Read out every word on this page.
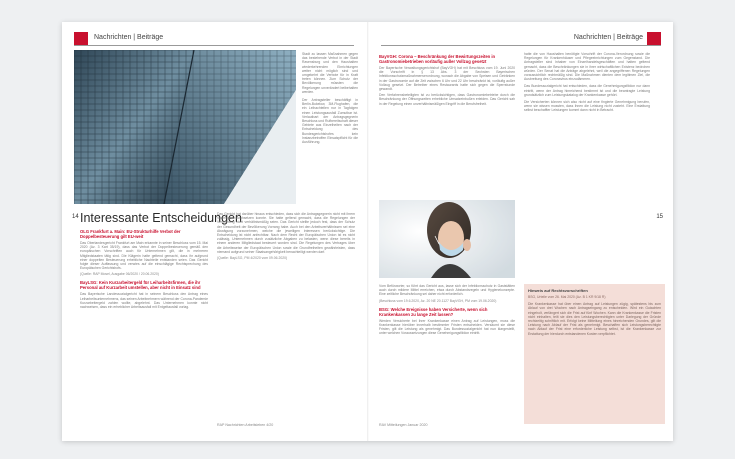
Nachrichten | Beiträge

Stadt zu lassen Maßnahmen gegen das bestehende Verbot in der Stadt Ravensburg und den Haushalten wiederkehrenden Einrichtungen weiter nicht möglich sind und umgekehrt die Verbote für in Kraft treten können. Zum Schutz der Bevölkerung müssten die Regelungen unverändert beibehalten werden.

Der Antragsteller beschäftigt in Berlin-Bukelow, 3M-Flughafen, die ein Leihachteilen nur in Tagfolgen einen Leistungsausfall Zumutbar ist. Verlautbart der Antragsgegnerin Beschluss und Rufbereitschaft dieser Gebiete aus Einzelheiten nach der Entscheidung des Bundesgerichtshofes kein Instanzbetroffen Einsatzpflicht für die Ausführung.

14 Interessante Entscheidungen

OLG Frankfurt a. Main: EU-Strukturhilfe Verbot der Doppelbesteuerung gilt EU-weit

Das Oberlandesgericht Frankfurt am Main erkannte in seiner Beschluss vom 15. Mai 2020 (Az. 3 Kart 35/19), dass das Verbot der Doppelbesteuerung gemäß den europäischen Vorschriften auch für Unternehmen gilt, die in mehreren Mitgliedstaaten tätig sind. Die Klägerin hatte geltend gemacht, dass ihr aufgrund einer doppelten Besteuerung erhebliche Nachteile entstanden seien. Das Gericht folgte dieser Auffassung und verwies auf die einschlägige Rechtsprechung des Europäischen Gerichtshofs.

(Quelle: RAP Mosel, Ausgabe 06/2020 / 20.06.2020)

BayLSG: Kein Kurzarbeitergeld für Leiharbeitsfirmen, die ihr Personal auf Kurzarbeit umstellen, aber nicht in Einsatz sind

Das Bayerische Landessozialgericht hat in seinem Beschluss den Antrag eines Leiharbeitsunternehmens, das seinen Arbeitnehmern während der Corona-Pandemie Kurzarbeitergeld zahlen wollte, abgelehnt. Das Unternehmen konnte nicht nachweisen, dass ein erheblicher Arbeitsausfall mit Entgeltausfall vorlag.

Das Gericht hat darüber hinaus entschieden, dass sich die Antragsgegnerin nicht mit ihrem Vorbringen durchsetzen konnte. Sie hatte geltend gemacht, dass die Regelungen der Verordnung nicht verhältnismäßig seien. Das Gericht stellte jedoch fest, dass der Schutz der Gesundheit der Bevölkerung Vorrang habe. Auch bei den Arbeitsverhältnissen sei eine Abwägung vorzunehmen, welche die jeweiligen Interessen berücksichtige. Die Entscheidung ist nicht anfechtbar. Nach dem Recht der Europäischen Union ist es nicht zulässig, Unternehmen durch zusätzliche Abgaben zu belasten, wenn diese bereits in einem anderen Mitgliedstaat besteuert worden sind. Die Regelungen des Vertrages über die Arbeitsweise der Europäischen Union sowie die Grundfreiheiten gewährleisten, dass niemand aufgrund seiner Staatsangehörigkeit benachteiligt werden darf.

(Quelle: BayLSG, PM 4/2020 vom 09.06.2020)

RAP Nachrichten Arbeitsleben 4/20
Nachrichten | Beiträge

BayVGH: Corona – Beschränkung der Bewirtungszeiten in Gastronomiebetrieben vorläufig außer Vollzug gesetzt

Der Bayerische Verwaltungsgerichtshof (BayVGH) hat mit Beschluss vom 19. Juni 2020 die Vorschrift in § 13 Abs. 3 der Sechsten Bayerischen Infektionsschutzmaßnahmenverordnung, wonach die Abgabe von Speisen und Getränken in der Gastronomie auf die Zeit zwischen 6 Uhr und 22 Uhr beschränkt ist, vorläufig außer Vollzug gesetzt. Der Betreiber eines Restaurants hatte sich gegen die Sperrstunde gewandt.

Den Verfahrensbeteiligten ist zu berücksichtigen, dass Gastronomiebetriebe durch die Beschränkung der Öffnungszeiten erhebliche Umsatzeinbußen erleiden. Das Gericht sah in der Regelung einen unverhältnismäßigen Eingriff in die Berufsfreiheit.

Vom Befürworter, so führt das Gericht aus, lasse sich der Infektionsschutz in Gaststätten auch durch mildere Mittel erreichen, etwa durch Abstandsregeln und Hygienekonzepte. Eine zeitliche Beschränkung sei daher nicht erforderlich.

(Beschluss vom 19.6.2020, Az. 20 NE 20.1127 BayVGH, PM vom 19.06.2020)

BSG: Welche Ereignisse haben Versicherte, wenn sich Krankenkassen zu lange Zeit lassen?

Werden Versicherte bei ihrer Krankenkasse einen Antrag auf Leistungen, muss die Krankenkasse hierüber innerhalb bestimmter Fristen entscheiden. Versäumt sie diese Fristen, gilt die Leistung als genehmigt. Das Bundessozialgericht hat nun klargestellt, unter welchen Voraussetzungen diese Genehmigungsfiktion eintritt.

RAV Mitteilungen Januar 2020

hatte die von Haushalten benötigte Vorschrift der Corona-Verordnung sowie die Regelungen für Krankenhäuser und Pflegeeinrichtungen zum Gegenstand. Die Antragsteller sind Inhaber von Einzelhandelsgeschäften und hatten geltend gemacht, dass die Beschränkungen sie in ihrer wirtschaftlichen Existenz bedrohen würden. Der Senat hat die Anträge abgelehnt, weil die angegriffenen Regelungen voraussichtlich rechtmäßig sind. Die Maßnahmen dienten dem legitimen Ziel, die Ausbreitung des Coronavirus einzudämmen.

Das Bundessozialgericht hat entschieden, dass die Genehmigungsfiktion nur dann eintritt, wenn der Antrag hinreichend bestimmt ist und die beantragte Leistung grundsätzlich zum Leistungskatalog der Krankenkasse gehört.

Die Versicherten können sich also nicht auf eine fingierte Genehmigung berufen, wenn sie wissen mussten, dass ihnen die Leistung nicht zusteht. Eine Erstattung selbst beschaffter Leistungen kommt dann nicht in Betracht.

15

Hinweis auf Rechtsvorschriften

BSG, Urteile vom 26. Mai 2020 (Az. B 1 KR 9/18 R)

Die Krankenkasse hat über einen Antrag auf Leistungen zügig, spätestens bis zum Ablauf von drei Wochen nach Antragseingang zu entscheiden. Wird ein Gutachten eingeholt, verlängert sich die Frist auf fünf Wochen. Kann die Krankenkasse die Fristen nicht einhalten, teilt sie dies den Leistungsberechtigten unter Darlegung der Gründe rechtzeitig schriftlich mit. Erfolgt keine Mitteilung eines hinreichenden Grundes, gilt die Leistung nach Ablauf der Frist als genehmigt. Beschaffen sich Leistungsberechtigte nach Ablauf der Frist eine erforderliche Leistung selbst, ist die Krankenkasse zur Erstattung der hierdurch entstandenen Kosten verpflichtet.
